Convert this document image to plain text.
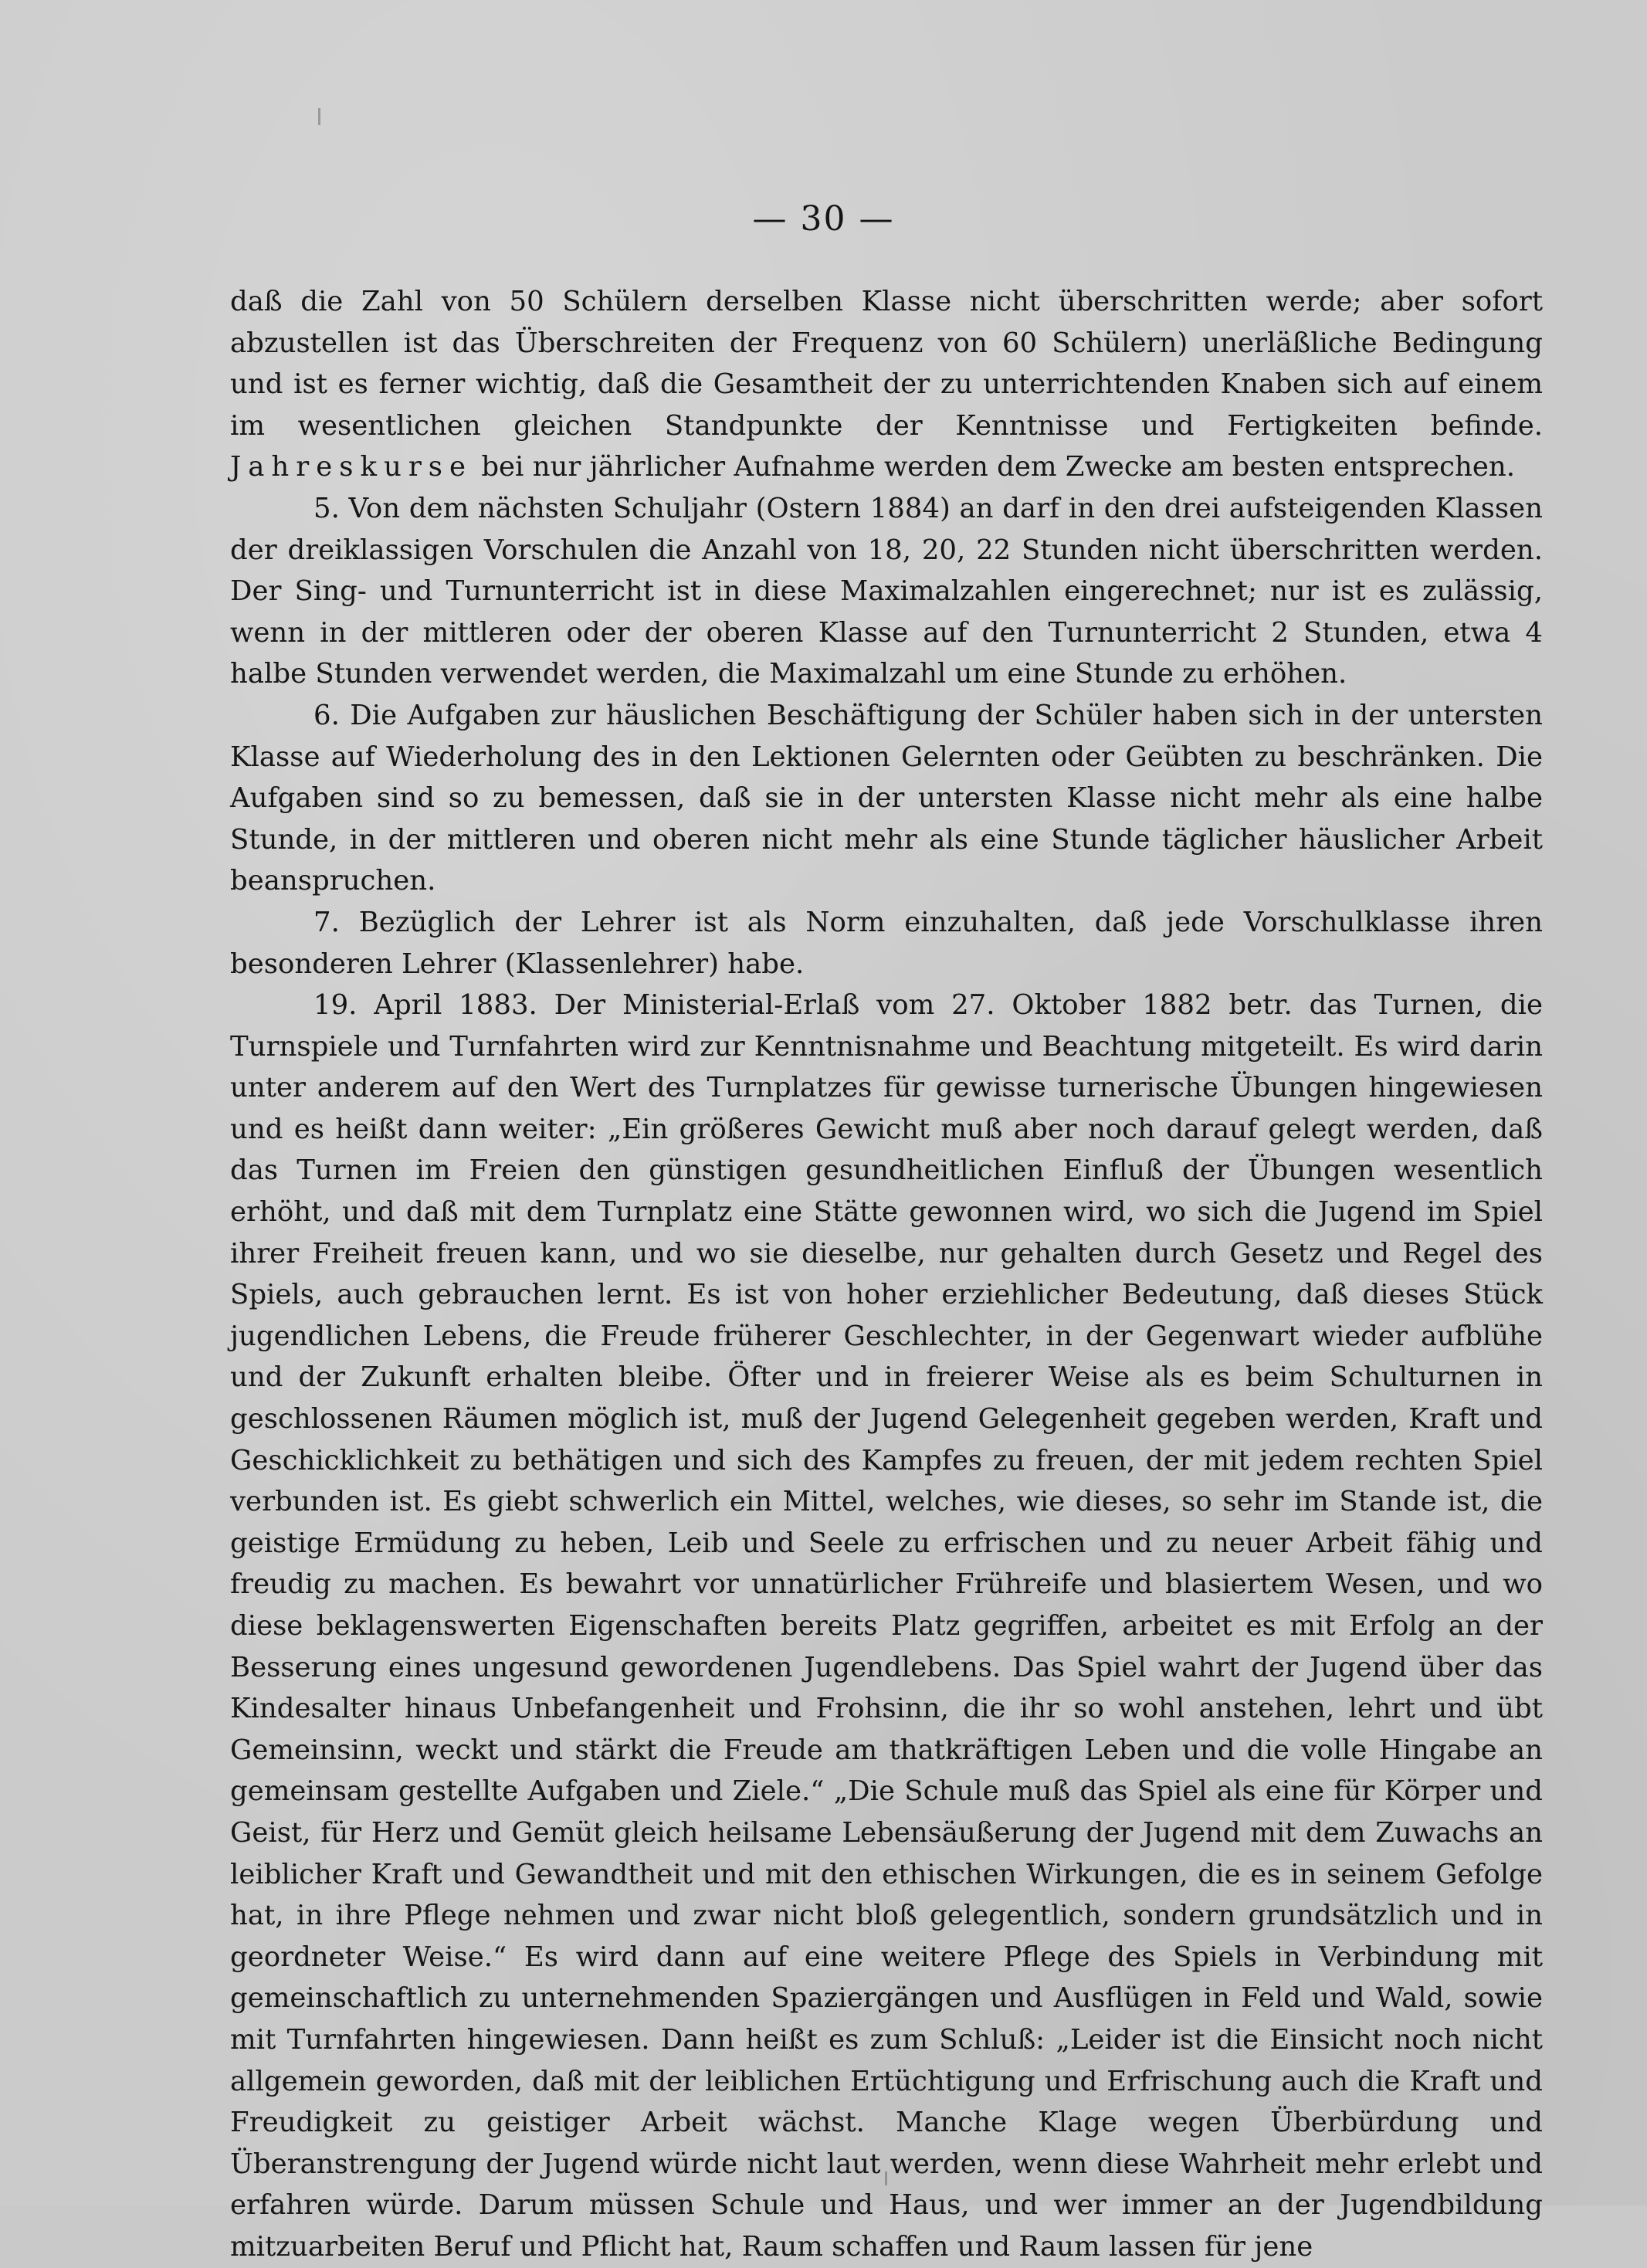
— 30 —

daß die Zahl von 50 Schülern derselben Klasse nicht überschritten werde; aber sofort abzustellen ist das Überschreiten der Frequenz von 60 Schülern) unerläßliche Bedingung und ist es ferner wichtig, daß die Gesamtheit der zu unterrichtenden Knaben sich auf einem im wesentlichen gleichen Standpunkte der Kenntnisse und Fertigkeiten befinde. Jahreskurse bei nur jährlicher Aufnahme werden dem Zwecke am besten entsprechen.

5. Von dem nächsten Schuljahr (Ostern 1884) an darf in den drei aufsteigenden Klassen der dreiklassigen Vorschulen die Anzahl von 18, 20, 22 Stunden nicht überschritten werden. Der Sing- und Turnunterricht ist in diese Maximalzahlen eingerechnet; nur ist es zulässig, wenn in der mittleren oder der oberen Klasse auf den Turnunterricht 2 Stunden, etwa 4 halbe Stunden verwendet werden, die Maximalzahl um eine Stunde zu erhöhen.

6. Die Aufgaben zur häuslichen Beschäftigung der Schüler haben sich in der untersten Klasse auf Wiederholung des in den Lektionen Gelernten oder Geübten zu beschränken. Die Aufgaben sind so zu bemessen, daß sie in der untersten Klasse nicht mehr als eine halbe Stunde, in der mittleren und oberen nicht mehr als eine Stunde täglicher häuslicher Arbeit beanspruchen.

7. Bezüglich der Lehrer ist als Norm einzuhalten, daß jede Vorschulklasse ihren besonderen Lehrer (Klassenlehrer) habe.

19. April 1883. Der Ministerial-Erlaß vom 27. Oktober 1882 betr. das Turnen, die Turnspiele und Turnfahrten wird zur Kenntnisnahme und Beachtung mitgeteilt. Es wird darin unter anderem auf den Wert des Turnplatzes für gewisse turnerische Übungen hingewiesen und es heißt dann weiter: „Ein größeres Gewicht muß aber noch darauf gelegt werden, daß das Turnen im Freien den günstigen gesundheitlichen Einfluß der Übungen wesentlich erhöht, und daß mit dem Turnplatz eine Stätte gewonnen wird, wo sich die Jugend im Spiel ihrer Freiheit freuen kann, und wo sie dieselbe, nur gehalten durch Gesetz und Regel des Spiels, auch gebrauchen lernt. Es ist von hoher erziehlicher Bedeutung, daß dieses Stück jugendlichen Lebens, die Freude früherer Geschlechter, in der Gegenwart wieder aufblühe und der Zukunft erhalten bleibe. Öfter und in freierer Weise als es beim Schulturnen in geschlossenen Räumen möglich ist, muß der Jugend Gelegenheit gegeben werden, Kraft und Geschicklichkeit zu bethätigen und sich des Kampfes zu freuen, der mit jedem rechten Spiel verbunden ist. Es giebt schwerlich ein Mittel, welches, wie dieses, so sehr im Stande ist, die geistige Ermüdung zu heben, Leib und Seele zu erfrischen und zu neuer Arbeit fähig und freudig zu machen. Es bewahrt vor unnatürlicher Frühreife und blasiertem Wesen, und wo diese beklagenswerten Eigenschaften bereits Platz gegriffen, arbeitet es mit Erfolg an der Besserung eines ungesund gewordenen Jugendlebens. Das Spiel wahrt der Jugend über das Kindesalter hinaus Unbefangenheit und Frohsinn, die ihr so wohl anstehen, lehrt und übt Gemeinsinn, weckt und stärkt die Freude am thatkräftigen Leben und die volle Hingabe an gemeinsam gestellte Aufgaben und Ziele.“ „Die Schule muß das Spiel als eine für Körper und Geist, für Herz und Gemüt gleich heilsame Lebensäußerung der Jugend mit dem Zuwachs an leiblicher Kraft und Gewandtheit und mit den ethischen Wirkungen, die es in seinem Gefolge hat, in ihre Pflege nehmen und zwar nicht bloß gelegentlich, sondern grundsätzlich und in geordneter Weise.“ Es wird dann auf eine weitere Pflege des Spiels in Verbindung mit gemeinschaftlich zu unternehmenden Spaziergängen und Ausflügen in Feld und Wald, sowie mit Turnfahrten hingewiesen. Dann heißt es zum Schluß: „Leider ist die Einsicht noch nicht allgemein geworden, daß mit der leiblichen Ertüchtigung und Erfrischung auch die Kraft und Freudigkeit zu geistiger Arbeit wächst. Manche Klage wegen Überbürdung und Überanstrengung der Jugend würde nicht laut werden, wenn diese Wahrheit mehr erlebt und erfahren würde. Darum müssen Schule und Haus, und wer immer an der Jugendbildung mitzuarbeiten Beruf und Pflicht hat, Raum schaffen und Raum lassen für jene
